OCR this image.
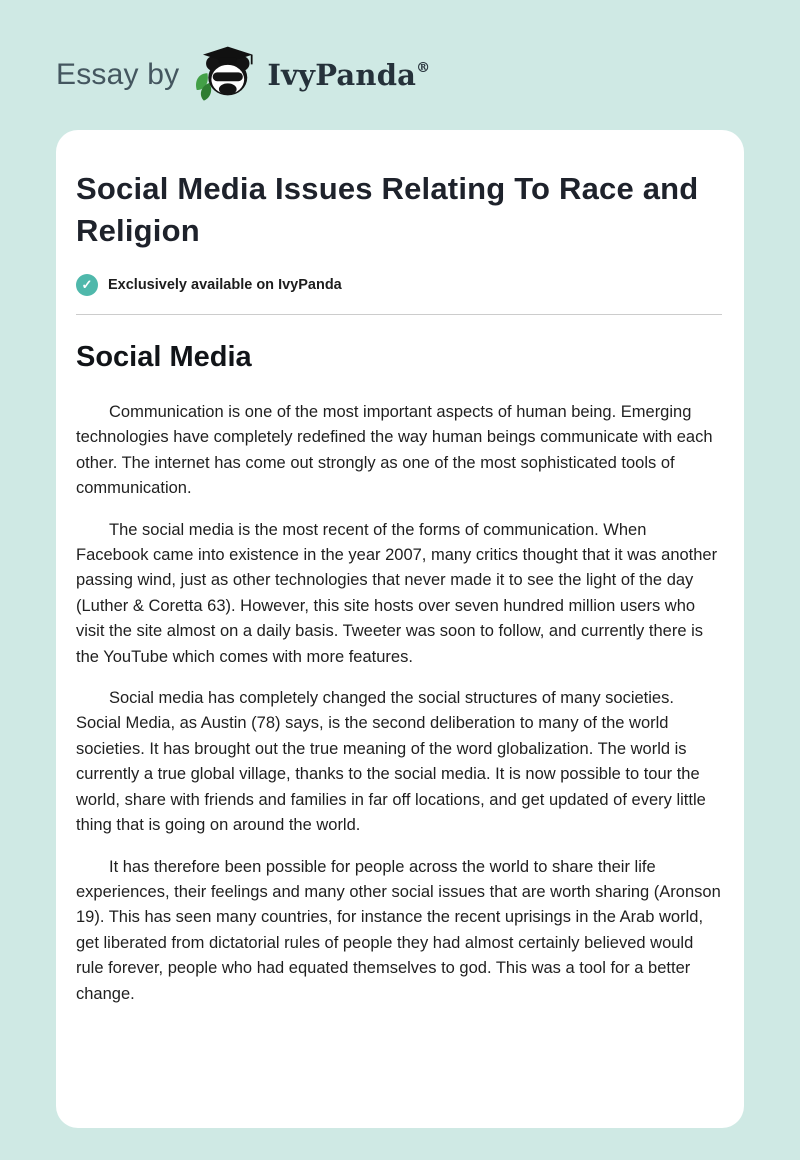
Essay by	IvyPanda®
Social Media Issues Relating To Race and Religion
✓	Exclusively available on IvyPanda
Social Media

Communication is one of the most important aspects of human being. Emerging technologies have completely redefined the way human beings communicate with each other. The internet has come out strongly as one of the most sophisticated tools of communication.

The social media is the most recent of the forms of communication. When Facebook came into existence in the year 2007, many critics thought that it was another passing wind, just as other technologies that never made it to see the light of the day (Luther & Coretta 63). However, this site hosts over seven hundred million users who visit the site almost on a daily basis. Tweeter was soon to follow, and currently there is the YouTube which comes with more features.

Social media has completely changed the social structures of many societies. Social Media, as Austin (78) says, is the second deliberation to many of the world societies. It has brought out the true meaning of the word globalization. The world is currently a true global village, thanks to the social media. It is now possible to tour the world, share with friends and families in far off locations, and get updated of every little thing that is going on around the world.

It has therefore been possible for people across the world to share their life experiences, their feelings and many other social issues that are worth sharing (Aronson 19). This has seen many countries, for instance the recent uprisings in the Arab world, get liberated from dictatorial rules of people they had almost certainly believed would rule forever, people who had equated themselves to god. This was a tool for a better change.
